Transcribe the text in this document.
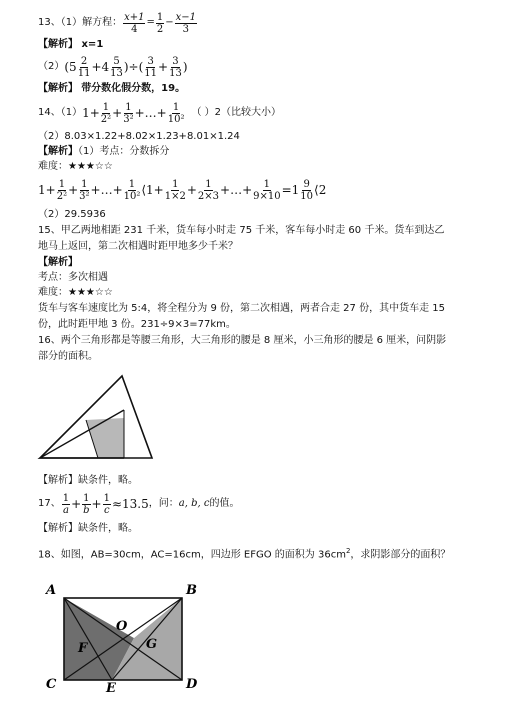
13、（1）解方程： $\frac{x+1}{4} = \frac{1}{2} - \frac{x-1}{3}$
【解析】 x=1
（2） ($5 \frac{2}{11} +4 \frac{5}{13}$ )÷( $\frac{3}{11} + \frac{3}{13}$ )
【解析】 带分数化假分数，19。
14、（1） $1+ \frac{1}{\text{2²}} + \frac{1}{\text{3²}}$ +…+ $\frac{1}{\text{10²}}$ （ ）2（比较大小）
（2）8.03×1.22+8.02×1.23+8.01×1.24
【解析】（1）考点：分数拆分
难度：★★★☆☆
$1+ \frac{1}{\text{2²}} + \frac{1}{\text{3²}}$ +…+ $\frac{1}{\text{10²}}$ ⟨1+ $\frac{1}{1\times 2} + \frac{1}{2\times 3}$ +…+ $\frac{1}{9\times 10} =1 \frac{9}{10}$ ⟨2
（2）29.5936
15、甲乙两地相距 231 千米，货车每小时走 75 千米，客车每小时走 60 千米。货车到达乙
地马上返回，第二次相遇时距甲地多少千米？
【解析】
考点：多次相遇
难度：★★★☆☆
货车与客车速度比为 5:4，将全程分为 9 份，第二次相遇，两者合走 27 份，其中货车走 15
份，此时距甲地 3 份。231÷9×3=77km。
16、两个三角形都是等腰三角形，大三角形的腰是 8 厘米，小三角形的腰是 6 厘米，问阴影
部分的面积。
【解析】缺条件，略。
17、 $\frac{1}{a} + \frac{1}{b} + \frac{1}{c} \approx 13.5$ ，问： a, b, c 的值。
【解析】缺条件，略。
18、如图，AB=30cm，AC=16cm，四边形 EFGO 的面积为 $36cm^2$，求阴影部分的面积？
A	B
C	D
E
F	G
O
